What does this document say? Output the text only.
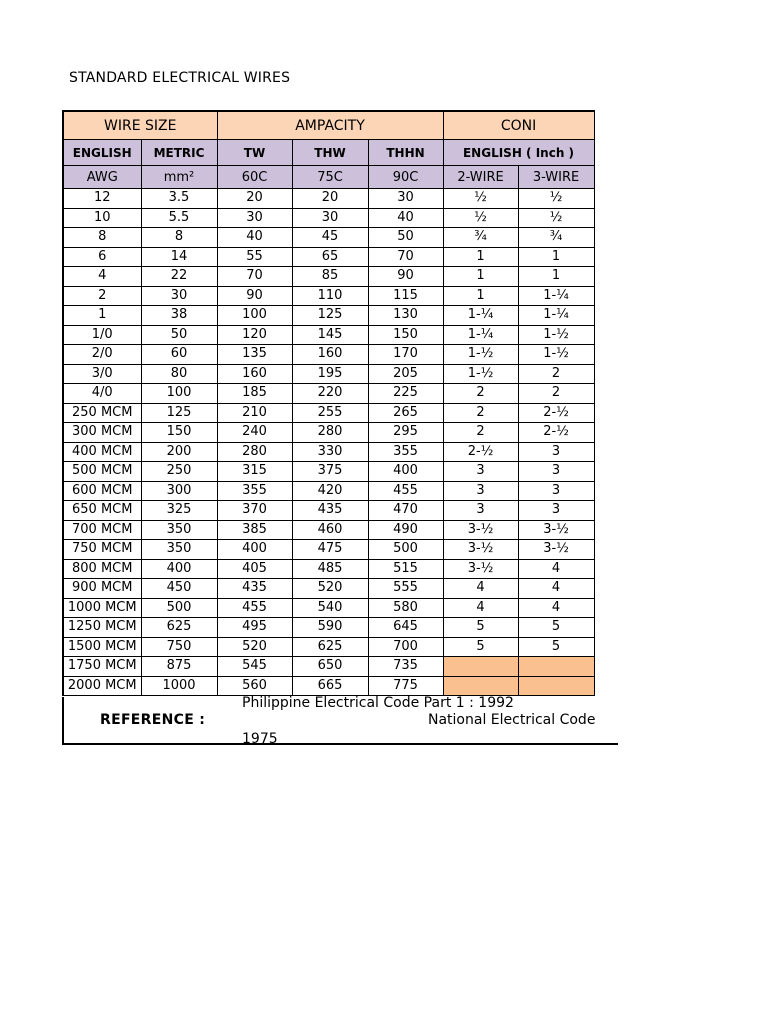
STANDARD ELECTRICAL WIRES
WIRE SIZE		AMPACITY			CONI	
ENGLISH	METRIC	TW	THW	THHN	ENGLISH ( Inch )	
AWG	mm²	60C	75C	90C	2-WIRE	3-WIRE
12	3.5	20	20	30	½	½
10	5.5	30	30	40	½	½
8	8	40	45	50	¾	¾
6	14	55	65	70	1	1
4	22	70	85	90	1	1
2	30	90	110	115	1	1-¼
1	38	100	125	130	1-¼	1-¼
1/0	50	120	145	150	1-¼	1-½
2/0	60	135	160	170	1-½	1-½
3/0	80	160	195	205	1-½	2
4/0	100	185	220	225	2	2
250 MCM	125	210	255	265	2	2-½
300 MCM	150	240	280	295	2	2-½
400 MCM	200	280	330	355	2-½	3
500 MCM	250	315	375	400	3	3
600 MCM	300	355	420	455	3	3
650 MCM	325	370	435	470	3	3
700 MCM	350	385	460	490	3-½	3-½
750 MCM	350	400	475	500	3-½	3-½
800 MCM	400	405	485	515	3-½	4
900 MCM	450	435	520	555	4	4
1000 MCM	500	455	540	580	4	4
1250 MCM	625	495	590	645	5	5
1500 MCM	750	520	625	700	5	5
1750 MCM	875	545	650	735		
2000 MCM	1000	560	665	775		
REFERENCE :
Philippine Electrical Code Part 1 : 1992
National Electrical Code
1975
